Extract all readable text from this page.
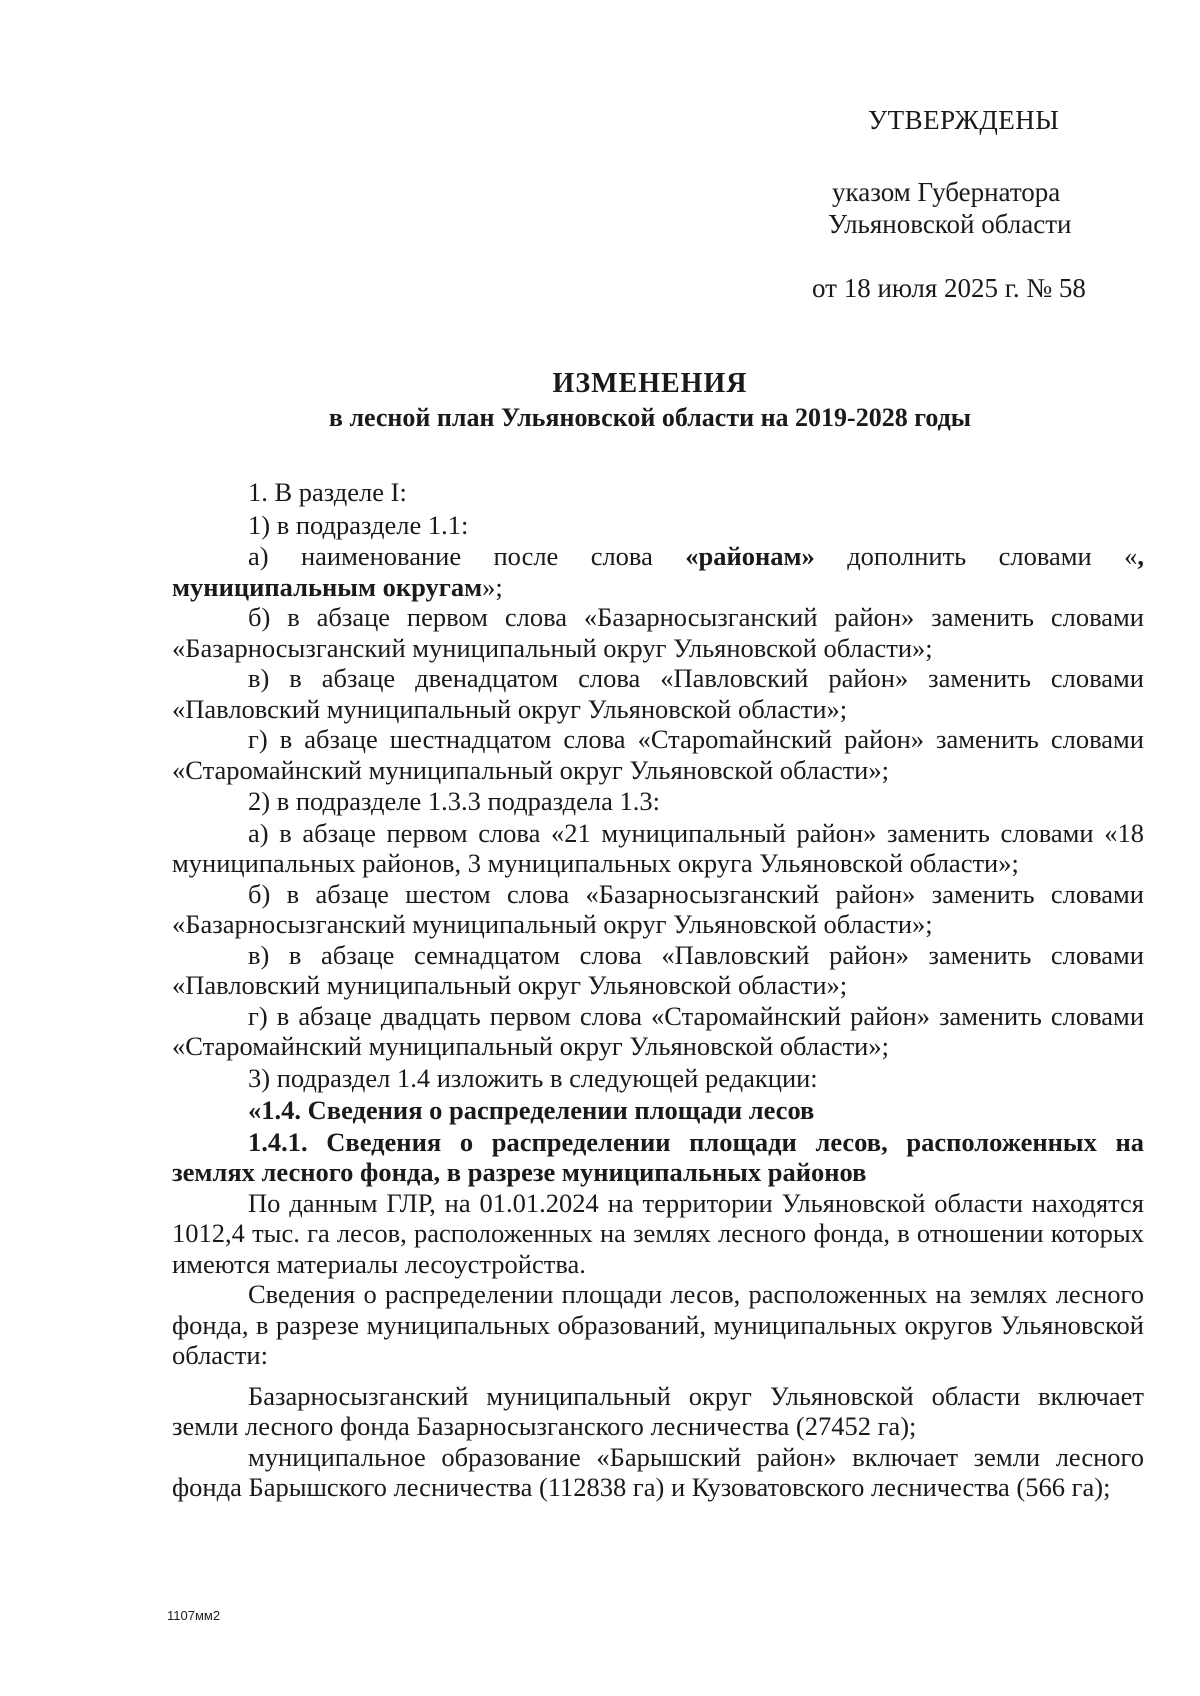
УТВЕРЖДЕНЫ
указом Губернатора
Ульяновской области
от 18 июля 2025 г. № 58
ИЗМЕНЕНИЯ
в лесной план Ульяновской области на 2019-2028 годы

1. В разделе I:

1) в подразделе 1.1:

а) наименование после слова «районам» дополнить словами «, муниципальным округам»;

б) в абзаце первом слова «Базарносызганский район» заменить словами «Базарносызганский муниципальный округ Ульяновской области»;

в) в абзаце двенадцатом слова «Павловский район» заменить словами «Павловский муниципальный округ Ульяновской области»;

г) в абзаце шестнадцатом слова «Староmайнский район» заменить словами «Старомайнский муниципальный округ Ульяновской области»;

2) в подразделе 1.3.3 подраздела 1.3:

а) в абзаце первом слова «21 муниципальный район» заменить словами «18 муниципальных районов, 3 муниципальных округа Ульяновской области»;

б) в абзаце шестом слова «Базарносызганский район» заменить словами «Базарносызганский муниципальный округ Ульяновской области»;

в) в абзаце семнадцатом слова «Павловский район» заменить словами «Павловский муниципальный округ Ульяновской области»;

г) в абзаце двадцать первом слова «Старомайнский район» заменить словами «Старомайнский муниципальный округ Ульяновской области»;

3) подраздел 1.4 изложить в следующей редакции:

«1.4. Сведения о распределении площади лесов

1.4.1. Сведения о распределении площади лесов, расположенных на землях лесного фонда, в разрезе муниципальных районов

По данным ГЛР, на 01.01.2024 на территории Ульяновской области находятся 1012,4 тыс. га лесов, расположенных на землях лесного фонда, в отношении которых имеются материалы лесоустройства.

Сведения о распределении площади лесов, расположенных на землях лесного фонда, в разрезе муниципальных образований, муниципальных округов Ульяновской области:

Базарносызганский муниципальный округ Ульяновской области включает земли лесного фонда Базарносызганского лесничества (27452 га);

муниципальное образование «Барышский район» включает земли лесного фонда Барышского лесничества (112838 га) и Кузоватовского лесничества (566 га);

1107мм2
